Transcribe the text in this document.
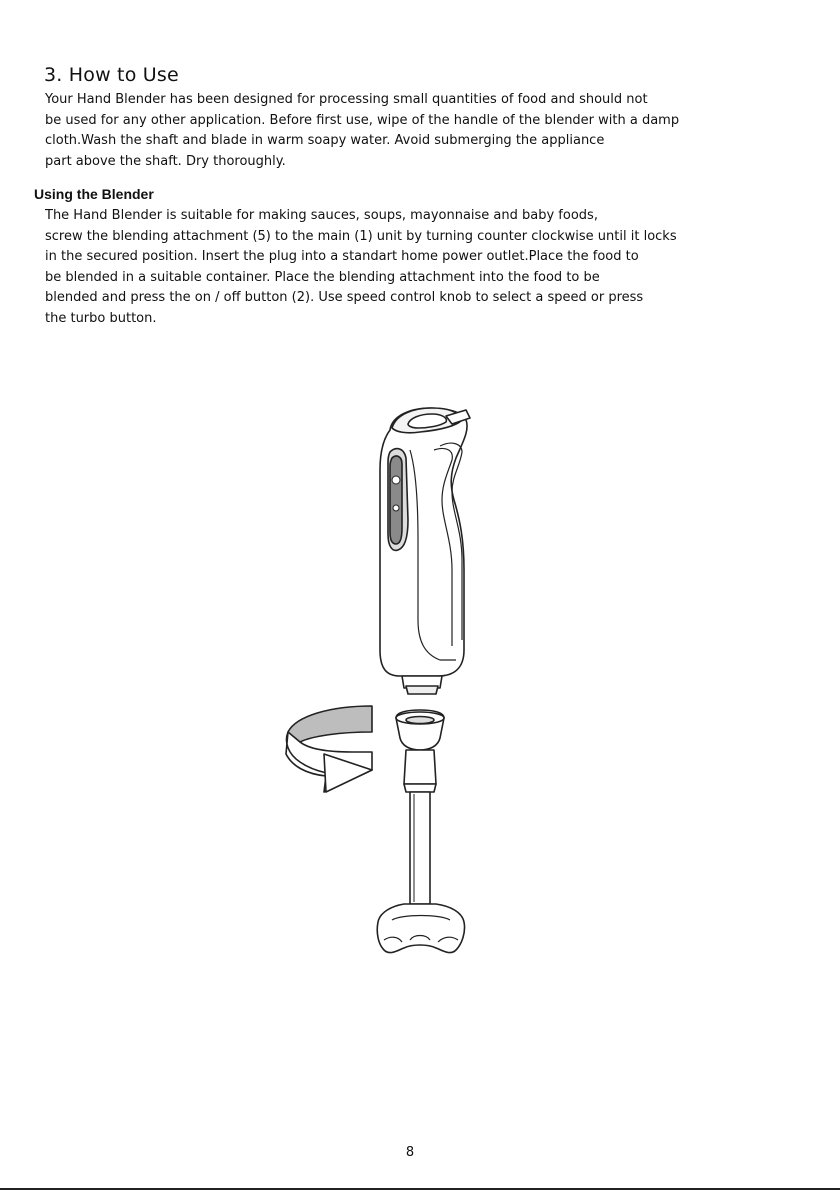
3. How to Use
Your Hand Blender has been designed for processing small quantities of food and should not
be used for any other application. Before first use, wipe of the handle of the blender with a damp
cloth.Wash the shaft and blade in warm soapy water. Avoid submerging the appliance
part above the shaft. Dry thoroughly.
Using the Blender
The Hand Blender is suitable for making sauces, soups, mayonnaise and baby foods,
screw the blending attachment (5) to the main (1) unit by turning counter clockwise until it locks
in the secured position. Insert the plug into a standart home power outlet.Place the food to
be blended in a suitable container. Place the blending attachment into the food to be
blended and press the on / off button (2). Use speed control knob to select a speed or press
the turbo button.
8
